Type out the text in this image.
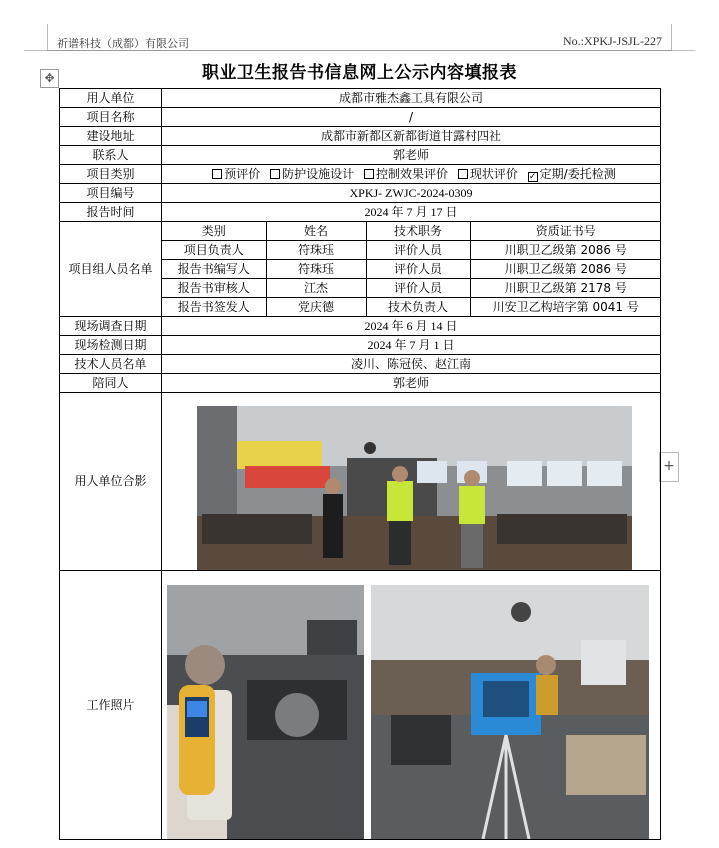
祈谱科技（成都）有限公司	No.:XPKJ-JSJL-227
✥
+
职业卫生报告书信息网上公示内容填报表
用人单位	成都市雅杰鑫工具有限公司
项目名称	/
建设地址	成都市新都区新都街道甘露村四社
联系人	郭老师
项目类别	预评价 防护设施设计 控制效果评价 现状评价 ✓ 定期/委托检测
项目编号	XPKJ- ZWJC-2024-0309
报告时间	2024 年 7 月 17 日
项目组人员名单	
类别	姓名	技术职务	资质证书号
项目负责人	符珠珏	评价人员	川职卫乙级第 2086 号
报告书编写人	符珠珏	评价人员	川职卫乙级第 2086 号
报告书审核人	江杰	评价人员	川职卫乙级第 2178 号
报告书签发人	党庆德	技术负责人	川安卫乙构培字第 0041 号

现场调查日期	2024 年 6 月 14 日
现场检测日期	2024 年 7 月 1 日
技术人员名单	凌川、陈冠侯、赵江南
陪同人	郭老师
用人单位合影	
工作照片	
